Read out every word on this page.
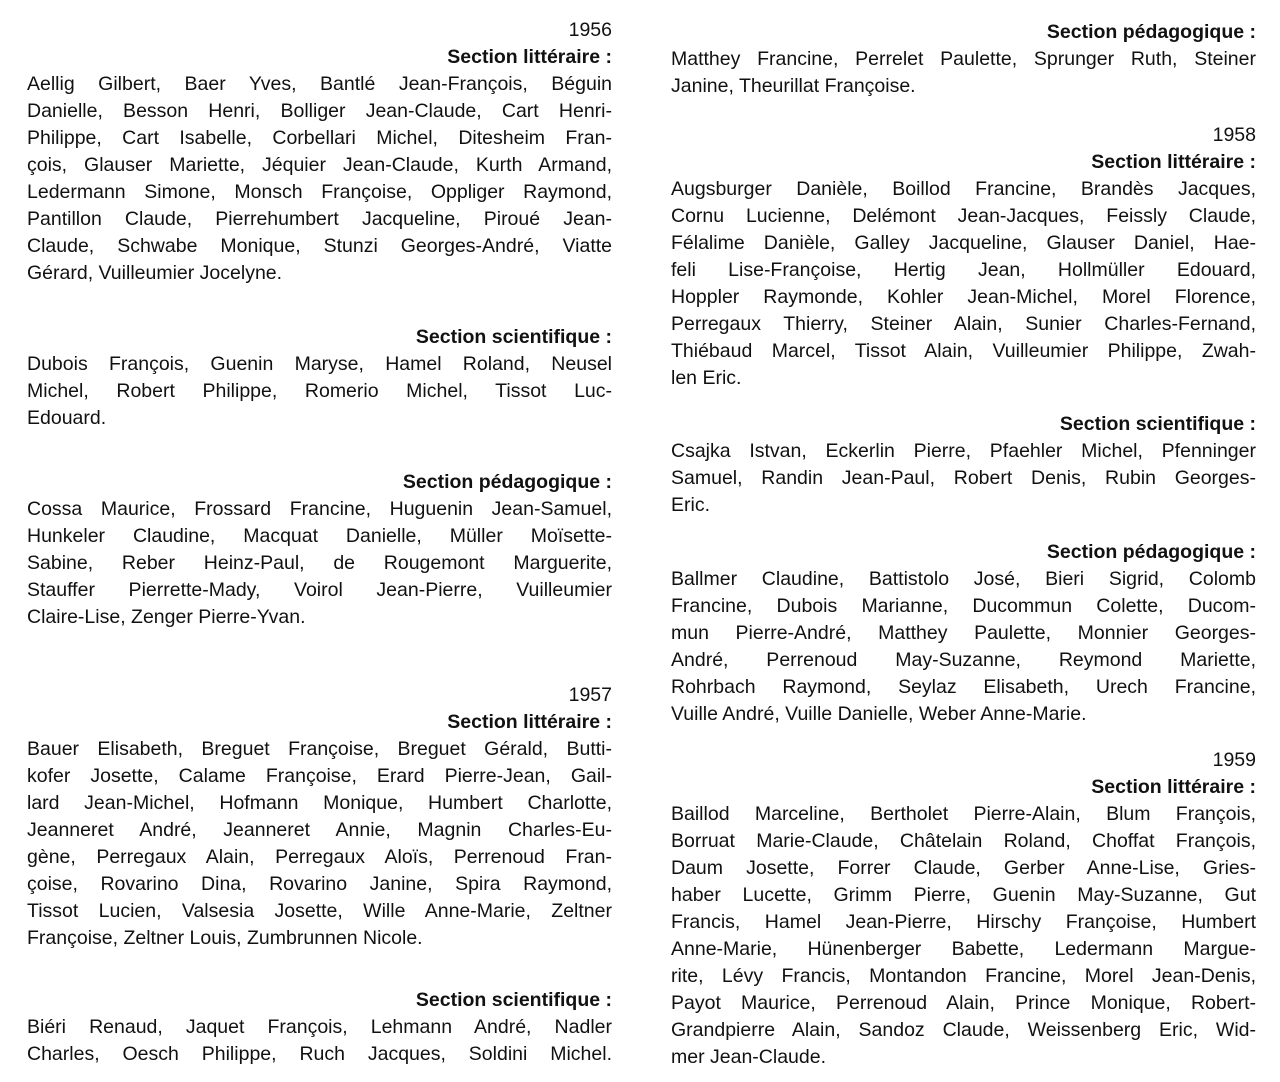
1956
Section littéraire :
Aellig Gilbert, Baer Yves, Bantlé Jean-François, Béguin
Danielle, Besson Henri, Bolliger Jean-Claude, Cart Henri-
Philippe, Cart Isabelle, Corbellari Michel, Ditesheim Fran-
çois, Glauser Mariette, Jéquier Jean-Claude, Kurth Armand,
Ledermann Simone, Monsch Françoise, Oppliger Raymond,
Pantillon Claude, Pierrehumbert Jacqueline, Piroué Jean-
Claude, Schwabe Monique, Stunzi Georges-André, Viatte
Gérard, Vuilleumier Jocelyne.
Section scientifique :
Dubois François, Guenin Maryse, Hamel Roland, Neusel
Michel, Robert Philippe, Romerio Michel, Tissot Luc-
Edouard.
Section pédagogique :
Cossa Maurice, Frossard Francine, Huguenin Jean-Samuel,
Hunkeler Claudine, Macquat Danielle, Müller Moïsette-
Sabine, Reber Heinz-Paul, de Rougemont Marguerite,
Stauffer Pierrette-Mady, Voirol Jean-Pierre, Vuilleumier
Claire-Lise, Zenger Pierre-Yvan.
1957
Section littéraire :
Bauer Elisabeth, Breguet Françoise, Breguet Gérald, Butti-
kofer Josette, Calame Françoise, Erard Pierre-Jean, Gail-
lard Jean-Michel, Hofmann Monique, Humbert Charlotte,
Jeanneret André, Jeanneret Annie, Magnin Charles-Eu-
gène, Perregaux Alain, Perregaux Aloïs, Perrenoud Fran-
çoise, Rovarino Dina, Rovarino Janine, Spira Raymond,
Tissot Lucien, Valsesia Josette, Wille Anne-Marie, Zeltner
Françoise, Zeltner Louis, Zumbrunnen Nicole.
Section scientifique :
Biéri Renaud, Jaquet François, Lehmann André, Nadler
Charles, Oesch Philippe, Ruch Jacques, Soldini Michel.
Section pédagogique :
Matthey Francine, Perrelet Paulette, Sprunger Ruth, Steiner
Janine, Theurillat Françoise.
1958
Section littéraire :
Augsburger Danièle, Boillod Francine, Brandès Jacques,
Cornu Lucienne, Delémont Jean-Jacques, Feissly Claude,
Félalime Danièle, Galley Jacqueline, Glauser Daniel, Hae-
feli Lise-Françoise, Hertig Jean, Hollmüller Edouard,
Hoppler Raymonde, Kohler Jean-Michel, Morel Florence,
Perregaux Thierry, Steiner Alain, Sunier Charles-Fernand,
Thiébaud Marcel, Tissot Alain, Vuilleumier Philippe, Zwah-
len Eric.
Section scientifique :
Csajka Istvan, Eckerlin Pierre, Pfaehler Michel, Pfenninger
Samuel, Randin Jean-Paul, Robert Denis, Rubin Georges-
Eric.
Section pédagogique :
Ballmer Claudine, Battistolo José, Bieri Sigrid, Colomb
Francine, Dubois Marianne, Ducommun Colette, Ducom-
mun Pierre-André, Matthey Paulette, Monnier Georges-
André, Perrenoud May-Suzanne, Reymond Mariette,
Rohrbach Raymond, Seylaz Elisabeth, Urech Francine,
Vuille André, Vuille Danielle, Weber Anne-Marie.
1959
Section littéraire :
Baillod Marceline, Bertholet Pierre-Alain, Blum François,
Borruat Marie-Claude, Châtelain Roland, Choffat François,
Daum Josette, Forrer Claude, Gerber Anne-Lise, Gries-
haber Lucette, Grimm Pierre, Guenin May-Suzanne, Gut
Francis, Hamel Jean-Pierre, Hirschy Françoise, Humbert
Anne-Marie, Hünenberger Babette, Ledermann Margue-
rite, Lévy Francis, Montandon Francine, Morel Jean-Denis,
Payot Maurice, Perrenoud Alain, Prince Monique, Robert-
Grandpierre Alain, Sandoz Claude, Weissenberg Eric, Wid-
mer Jean-Claude.
